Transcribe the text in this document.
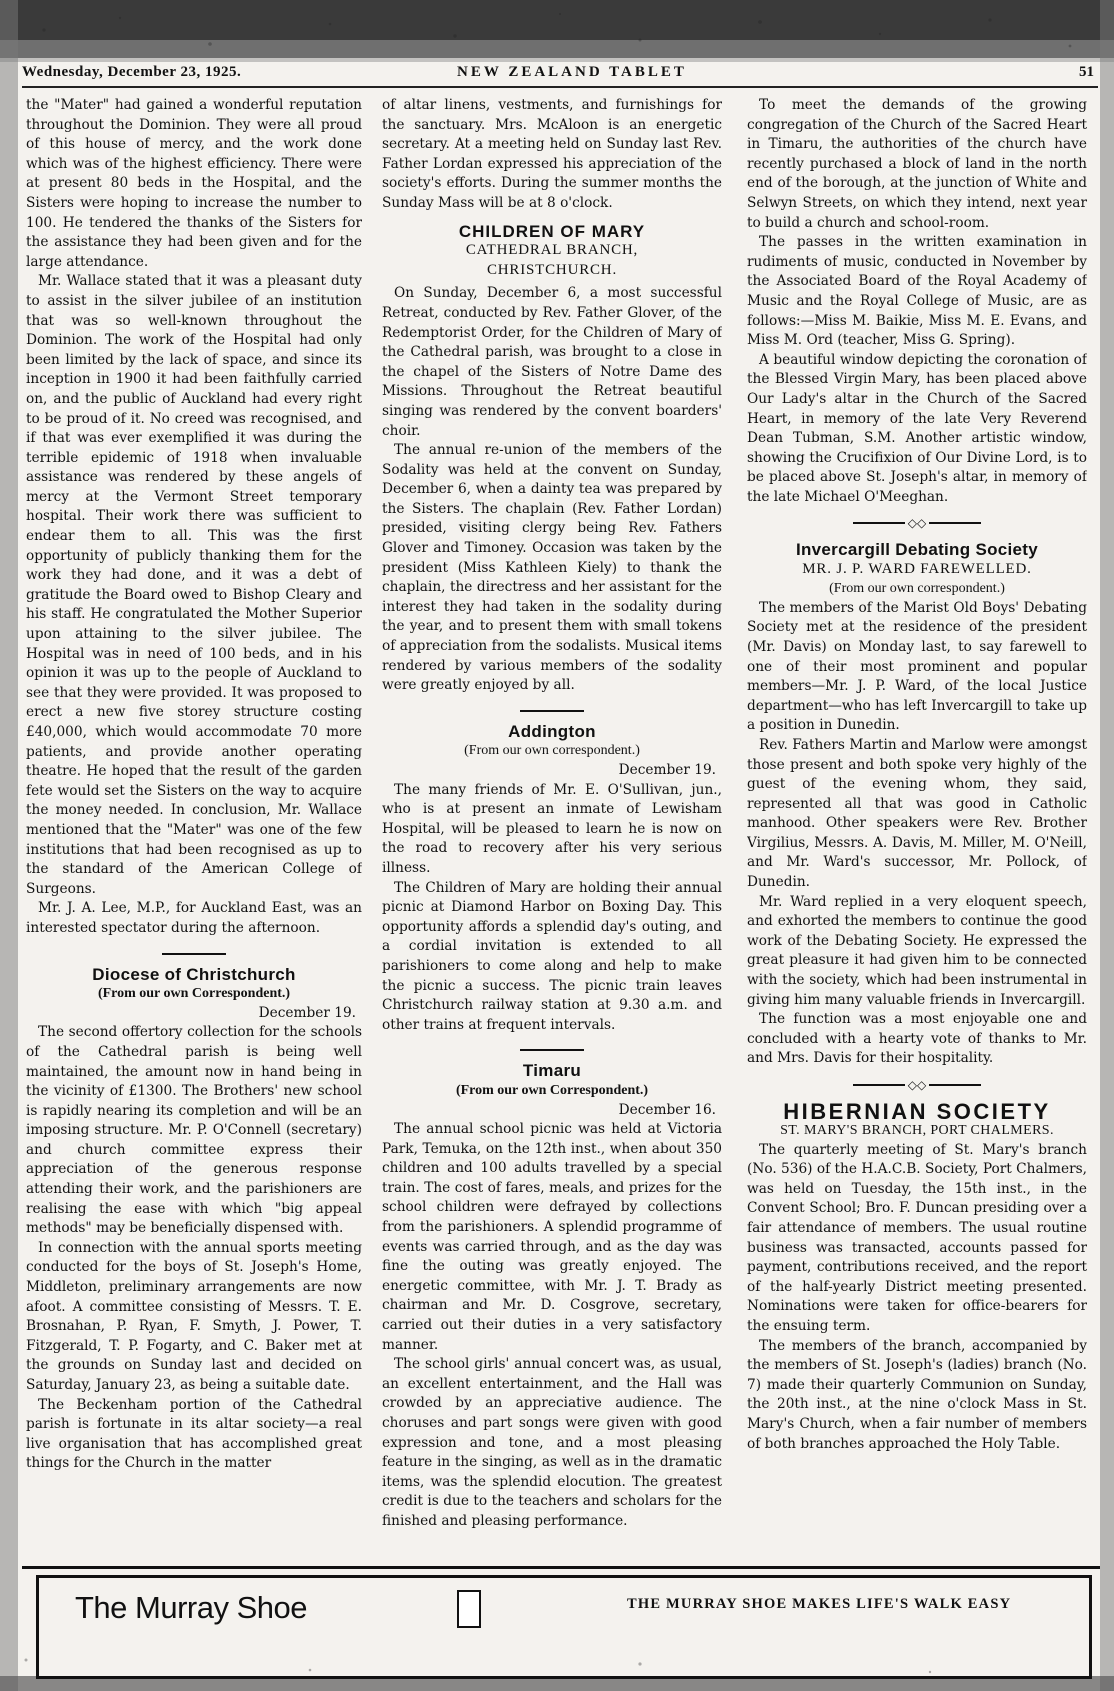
Wednesday, December 23, 1925.	NEW ZEALAND TABLET	51

the "Mater" had gained a wonderful reputation throughout the Dominion. They were all proud of this house of mercy, and the work done which was of the highest efficiency. There were at present 80 beds in the Hospital, and the Sisters were hoping to increase the number to 100. He tendered the thanks of the Sisters for the assistance they had been given and for the large attendance.

Mr. Wallace stated that it was a pleasant duty to assist in the silver jubilee of an institution that was so well-known throughout the Dominion. The work of the Hospital had only been limited by the lack of space, and since its inception in 1900 it had been faithfully carried on, and the public of Auckland had every right to be proud of it. No creed was recognised, and if that was ever exemplified it was during the terrible epidemic of 1918 when invaluable assistance was rendered by these angels of mercy at the Vermont Street temporary hospital. Their work there was sufficient to endear them to all. This was the first opportunity of publicly thanking them for the work they had done, and it was a debt of gratitude the Board owed to Bishop Cleary and his staff. He congratulated the Mother Superior upon attaining to the silver jubilee. The Hospital was in need of 100 beds, and in his opinion it was up to the people of Auckland to see that they were provided. It was proposed to erect a new five storey structure costing £40,000, which would accommodate 70 more patients, and provide another operating theatre. He hoped that the result of the garden fete would set the Sisters on the way to acquire the money needed. In conclusion, Mr. Wallace mentioned that the "Mater" was one of the few institutions that had been recognised as up to the standard of the American College of Surgeons.

Mr. J. A. Lee, M.P., for Auckland East, was an interested spectator during the afternoon.

Diocese of Christchurch
(From our own Correspondent.)
December 19.

The second offertory collection for the schools of the Cathedral parish is being well maintained, the amount now in hand being in the vicinity of £1300. The Brothers' new school is rapidly nearing its completion and will be an imposing structure. Mr. P. O'Connell (secretary) and church committee express their appreciation of the generous response attending their work, and the parishioners are realising the ease with which "big appeal methods" may be beneficially dispensed with.

In connection with the annual sports meeting conducted for the boys of St. Joseph's Home, Middleton, preliminary arrangements are now afoot. A committee consisting of Messrs. T. E. Brosnahan, P. Ryan, F. Smyth, J. Power, T. Fitzgerald, T. P. Fogarty, and C. Baker met at the grounds on Sunday last and decided on Saturday, January 23, as being a suitable date.

The Beckenham portion of the Cathedral parish is fortunate in its altar society—a real live organisation that has accomplished great things for the Church in the matter

of altar linens, vestments, and furnishings for the sanctuary. Mrs. McAloon is an energetic secretary. At a meeting held on Sunday last Rev. Father Lordan expressed his appreciation of the society's efforts. During the summer months the Sunday Mass will be at 8 o'clock.

CHILDREN OF MARY
CATHEDRAL BRANCH,
CHRISTCHURCH.

On Sunday, December 6, a most successful Retreat, conducted by Rev. Father Glover, of the Redemptorist Order, for the Children of Mary of the Cathedral parish, was brought to a close in the chapel of the Sisters of Notre Dame des Missions. Throughout the Retreat beautiful singing was rendered by the convent boarders' choir.

The annual re-union of the members of the Sodality was held at the convent on Sunday, December 6, when a dainty tea was prepared by the Sisters. The chaplain (Rev. Father Lordan) presided, visiting clergy being Rev. Fathers Glover and Timoney. Occasion was taken by the president (Miss Kathleen Kiely) to thank the chaplain, the directress and her assistant for the interest they had taken in the sodality during the year, and to present them with small tokens of appreciation from the sodalists. Musical items rendered by various members of the sodality were greatly enjoyed by all.

Addington
(From our own correspondent.)
December 19.

The many friends of Mr. E. O'Sullivan, jun., who is at present an inmate of Lewisham Hospital, will be pleased to learn he is now on the road to recovery after his very serious illness.

The Children of Mary are holding their annual picnic at Diamond Harbor on Boxing Day. This opportunity affords a splendid day's outing, and a cordial invitation is extended to all parishioners to come along and help to make the picnic a success. The picnic train leaves Christchurch railway station at 9.30 a.m. and other trains at frequent intervals.

Timaru
(From our own Correspondent.)
December 16.

The annual school picnic was held at Victoria Park, Temuka, on the 12th inst., when about 350 children and 100 adults travelled by a special train. The cost of fares, meals, and prizes for the school children were defrayed by collections from the parishioners. A splendid programme of events was carried through, and as the day was fine the outing was greatly enjoyed. The energetic committee, with Mr. J. T. Brady as chairman and Mr. D. Cosgrove, secretary, carried out their duties in a very satisfactory manner.

The school girls' annual concert was, as usual, an excellent entertainment, and the Hall was crowded by an appreciative audience. The choruses and part songs were given with good expression and tone, and a most pleasing feature in the singing, as well as in the dramatic items, was the splendid elocution. The greatest credit is due to the teachers and scholars for the finished and pleasing performance.

To meet the demands of the growing congregation of the Church of the Sacred Heart in Timaru, the authorities of the church have recently purchased a block of land in the north end of the borough, at the junction of White and Selwyn Streets, on which they intend, next year to build a church and school-room.

The passes in the written examination in rudiments of music, conducted in November by the Associated Board of the Royal Academy of Music and the Royal College of Music, are as follows:—Miss M. Baikie, Miss M. E. Evans, and Miss M. Ord (teacher, Miss G. Spring).

A beautiful window depicting the coronation of the Blessed Virgin Mary, has been placed above Our Lady's altar in the Church of the Sacred Heart, in memory of the late Very Reverend Dean Tubman, S.M. Another artistic window, showing the Crucifixion of Our Divine Lord, is to be placed above St. Joseph's altar, in memory of the late Michael O'Meeghan.

◇◇
Invercargill Debating Society
MR. J. P. WARD FAREWELLED.
(From our own correspondent.)

The members of the Marist Old Boys' Debating Society met at the residence of the president (Mr. Davis) on Monday last, to say farewell to one of their most prominent and popular members—Mr. J. P. Ward, of the local Justice department—who has left Invercargill to take up a position in Dunedin.

Rev. Fathers Martin and Marlow were amongst those present and both spoke very highly of the guest of the evening whom, they said, represented all that was good in Catholic manhood. Other speakers were Rev. Brother Virgilius, Messrs. A. Davis, M. Miller, M. O'Neill, and Mr. Ward's successor, Mr. Pollock, of Dunedin.

Mr. Ward replied in a very eloquent speech, and exhorted the members to continue the good work of the Debating Society. He expressed the great pleasure it had given him to be connected with the society, which had been instrumental in giving him many valuable friends in Invercargill.

The function was a most enjoyable one and concluded with a hearty vote of thanks to Mr. and Mrs. Davis for their hospitality.

◇◇
HIBERNIAN SOCIETY
ST. MARY'S BRANCH, PORT CHALMERS.

The quarterly meeting of St. Mary's branch (No. 536) of the H.A.C.B. Society, Port Chalmers, was held on Tuesday, the 15th inst., in the Convent School; Bro. F. Duncan presiding over a fair attendance of members. The usual routine business was transacted, accounts passed for payment, contributions received, and the report of the half-yearly District meeting presented. Nominations were taken for office-bearers for the ensuing term.

The members of the branch, accompanied by the members of St. Joseph's (ladies) branch (No. 7) made their quarterly Communion on Sunday, the 20th inst., at the nine o'clock Mass in St. Mary's Church, when a fair number of members of both branches approached the Holy Table.

The Murray Shoe	THE MURRAY SHOE MAKES LIFE'S WALK EASY
